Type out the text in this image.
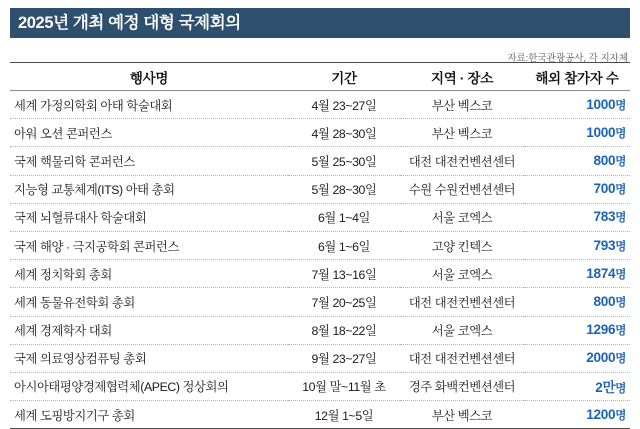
2025년 개최 예정 대형 국제회의
자료:한국관광공사, 각 지자체
행사명	기간	지역 · 장소	해외 참가자 수
세계 가정의학회 아태 학술대회	4월 23~27일	부산 벡스코	1000명
아워 오션 콘퍼런스	4월 28~30일	부산 벡스코	1000명
국제 핵물리학 콘퍼런스	5월 25~30일	대전 대전컨벤션센터	800명
지능형 교통체계(ITS) 아태 총회	5월 28~30일	수원 수원컨벤션센터	700명
국제 뇌혈류대사 학술대회	6월 1~4일	서울 코엑스	783명
국제 해양 · 극지공학회 콘퍼런스	6월 1~6일	고양 킨텍스	793명
세계 정치학회 총회	7월 13~16일	서울 코엑스	1874명
세계 동물유전학회 총회	7월 20~25일	대전 대전컨벤션센터	800명
세계 경제학자 대회	8월 18~22일	서울 코엑스	1296명
국제 의료영상컴퓨팅 총회	9월 23~27일	대전 대전컨벤션센터	2000명
아시아태평양경제협력체(APEC) 정상회의	10월 말~11월 초	경주 화백컨벤션센터	2만명
세계 도핑방지기구 총회	12월 1~5일	부산 벡스코	1200명
